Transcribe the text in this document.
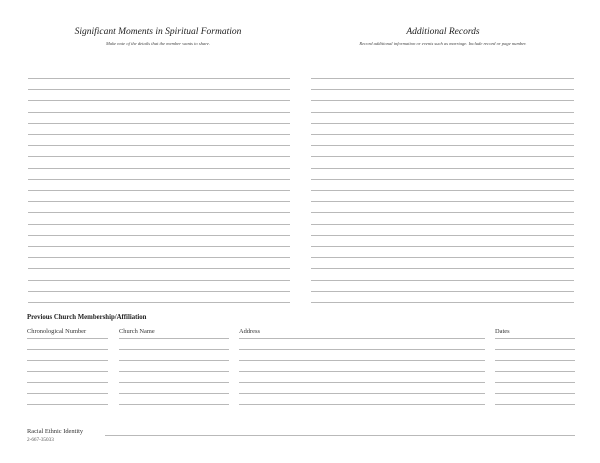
Significant Moments in Spiritual Formation
Make note of the details that the member wants to share.
Additional Records
Record additional information or events such as marriage. Include record or page number.
Previous Church Membership/Affiliation
Chronological Number	Church Name	Address	Dates
Racial Ethnic Identity
2-667-35033
